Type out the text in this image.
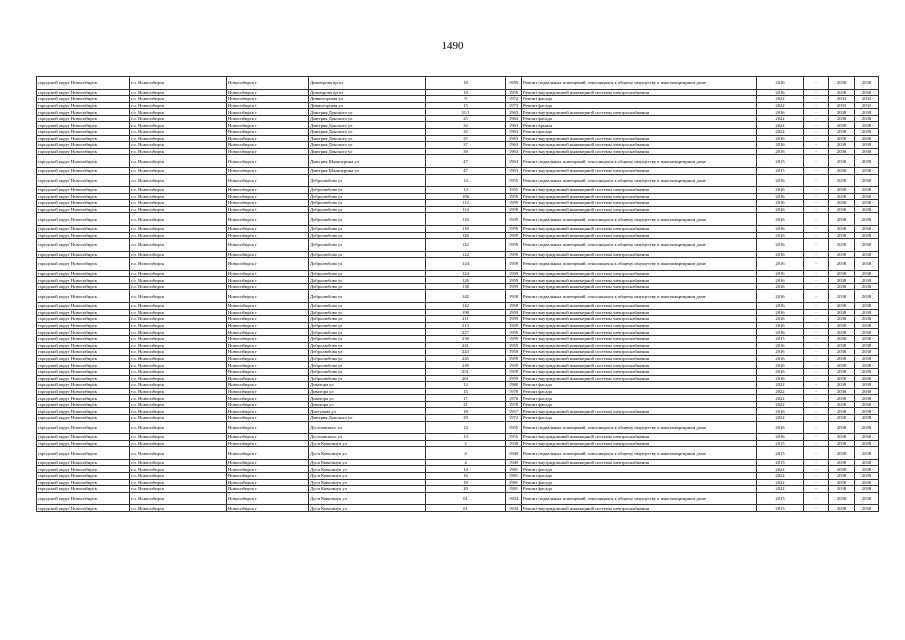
1490
городской округ Новосибирск	г.о. Новосибирск	Новосибирск г	Димитрова пр-кт	18	1959	Ремонт подвальных помещений, относящихся к общему имуществу в многоквартирном доме	2016	-	2038	2038
городской округ Новосибирск	г.о. Новосибирск	Новосибирск г	Димитрова пр-кт	18	1959	Ремонт внутридомовой инженерной системы электроснабжения	2016	-	2038	2038
городской округ Новосибирск	г.о. Новосибирск	Новосибирск г	Дивногорская ул	9	1972	Ремонт фасада	2022	-	2033	2033
городской округ Новосибирск	г.о. Новосибирск	Новосибирск г	Дивногорская ул	15	1973	Ремонт фасада	2022	-	2033	2033
городской округ Новосибирск	г.о. Новосибирск	Новосибирск г	Дмитрия Донского ул	31/1	1963	Ремонт внутридомовой инженерной системы электроснабжения	2016	-	2038	2038
городской округ Новосибирск	г.о. Новосибирск	Новосибирск г	Дмитрия Донского ул	25	1964	Ремонт фасада	2022	-	2038	2038
городской округ Новосибирск	г.о. Новосибирск	Новосибирск г	Дмитрия Донского ул	32	1963	Ремонт крыши	2022	-	2038	2038
городской округ Новосибирск	г.о. Новосибирск	Новосибирск г	Дмитрия Донского ул	35	1963	Ремонт фасада	2022	-	2038	2038
городской округ Новосибирск	г.о. Новосибирск	Новосибирск г	Дмитрия Донского ул	35	1963	Ремонт внутридомовой инженерной системы электроснабжения	2016	-	2038	2038
городской округ Новосибирск	г.о. Новосибирск	Новосибирск г	Дмитрия Донского ул	37	1963	Ремонт внутридомовой инженерной системы электроснабжения	2016	-	2038	2038
городской округ Новосибирск	г.о. Новосибирск	Новосибирск г	Дмитрия Донского ул	39	1963	Ремонт внутридомовой инженерной системы электроснабжения	2016	-	2038	2038
городской округ Новосибирск	г.о. Новосибирск	Новосибирск г	Дмитрия Шамшурина ул	47	1963	Ремонт подвальных помещений, относящихся к общему имуществу в многоквартирном доме	2015	-	2038	2038
городской округ Новосибирск	г.о. Новосибирск	Новосибирск г	Дмитрия Шамшурина ул	47	1963	Ремонт внутридомовой инженерной системы электроснабжения	2015	-	2038	2038
городской округ Новосибирск	г.о. Новосибирск	Новосибирск г	Добролюбова ул	14	1955	Ремонт подвальных помещений, относящихся к общему имуществу в многоквартирном доме	2016	-	2038	2038
городской округ Новосибирск	г.о. Новосибирск	Новосибирск г	Добролюбова ул	14	1955	Ремонт внутридомовой инженерной системы электроснабжения	2016	-	2038	2038
городской округ Новосибирск	г.о. Новосибирск	Новосибирск г	Добролюбова ул	106	1959	Ремонт внутридомовой инженерной системы электроснабжения	2016	-	2038	2038
городской округ Новосибирск	г.о. Новосибирск	Новосибирск г	Добролюбова ул	112	1959	Ремонт внутридомовой инженерной системы электроснабжения	2016	-	2038	2038
городской округ Новосибирск	г.о. Новосибирск	Новосибирск г	Добролюбова ул	114	1958	Ремонт внутридомовой инженерной системы электроснабжения	2016	-	2038	2038
городской округ Новосибирск	г.о. Новосибирск	Новосибирск г	Добролюбова ул	118	1959	Ремонт подвальных помещений, относящихся к общему имуществу в многоквартирном доме	2016	-	2038	2038
городской округ Новосибирск	г.о. Новосибирск	Новосибирск г	Добролюбова ул	118	1959	Ремонт внутридомовой инженерной системы электроснабжения	2016	-	2038	2038
городской округ Новосибирск	г.о. Новосибирск	Новосибирск г	Добролюбова ул	120	1959	Ремонт внутридомовой инженерной системы электроснабжения	2016	-	2038	2038
городской округ Новосибирск	г.о. Новосибирск	Новосибирск г	Добролюбова ул	122	1959	Ремонт подвальных помещений, относящихся к общему имуществу в многоквартирном доме	2016	-	2038	2038
городской округ Новосибирск	г.о. Новосибирск	Новосибирск г	Добролюбова ул	122	1959	Ремонт внутридомовой инженерной системы электроснабжения	2016	-	2038	2038
городской округ Новосибирск	г.о. Новосибирск	Новосибирск г	Добролюбова ул	124	1959	Ремонт подвальных помещений, относящихся к общему имуществу в многоквартирном доме	2016	-	2038	2038
городской округ Новосибирск	г.о. Новосибирск	Новосибирск г	Добролюбова ул	124	1959	Ремонт внутридомовой инженерной системы электроснабжения	2016	-	2038	2038
городской округ Новосибирск	г.о. Новосибирск	Новосибирск г	Добролюбова ул	126	1959	Ремонт внутридомовой инженерной системы электроснабжения	2016	-	2038	2038
городской округ Новосибирск	г.о. Новосибирск	Новосибирск г	Добролюбова ул	138	1959	Ремонт внутридомовой инженерной системы электроснабжения	2016	-	2038	2038
городской округ Новосибирск	г.о. Новосибирск	Новосибирск г	Добролюбова ул	142	1958	Ремонт подвальных помещений, относящихся к общему имуществу в многоквартирном доме	2016	-	2038	2038
городской округ Новосибирск	г.о. Новосибирск	Новосибирск г	Добролюбова ул	142	1958	Ремонт внутридомовой инженерной системы электроснабжения	2016	-	2038	2038
городской округ Новосибирск	г.о. Новосибирск	Новосибирск г	Добролюбова ул	199	1959	Ремонт внутридомовой инженерной системы электроснабжения	2016	-	2038	2038
городской округ Новосибирск	г.о. Новосибирск	Новосибирск г	Добролюбова ул	211	1959	Ремонт внутридомовой инженерной системы электроснабжения	2016	-	2038	2038
городской округ Новосибирск	г.о. Новосибирск	Новосибирск г	Добролюбова ул	213	1959	Ремонт внутридомовой инженерной системы электроснабжения	2016	-	2038	2038
городской округ Новосибирск	г.о. Новосибирск	Новосибирск г	Добролюбова ул	227	1959	Ремонт внутридомовой инженерной системы электроснабжения	2016	-	2038	2038
городской округ Новосибирск	г.о. Новосибирск	Новосибирск г	Добролюбова ул	239	1959	Ремонт внутридомовой инженерной системы электроснабжения	2015	-	2038	2038
городской округ Новосибирск	г.о. Новосибирск	Новосибирск г	Добролюбова ул	241	1959	Ремонт внутридомовой инженерной системы электроснабжения	2016	-	2038	2038
городской округ Новосибирск	г.о. Новосибирск	Новосибирск г	Добролюбова ул	243	1959	Ремонт внутридомовой инженерной системы электроснабжения	2016	-	2038	2038
городской округ Новосибирск	г.о. Новосибирск	Новосибирск г	Добролюбова ул	245	1959	Ремонт внутридомовой инженерной системы электроснабжения	2016	-	2038	2038
городской округ Новосибирск	г.о. Новосибирск	Новосибирск г	Добролюбова ул	249	1959	Ремонт внутридомовой инженерной системы электроснабжения	2016	-	2038	2038
городской округ Новосибирск	г.о. Новосибирск	Новосибирск г	Добролюбова ул	251	1959	Ремонт внутридомовой инженерной системы электроснабжения	2016	-	2038	2038
городской округ Новосибирск	г.о. Новосибирск	Новосибирск г	Добролюбова ул	261	1959	Ремонт внутридомовой инженерной системы электроснабжения	2016	-	2038	2038
городской округ Новосибирск	г.о. Новосибирск	Новосибирск г	Доватора ул	13	1980	Ремонт фасада	2022	-	2038	2038
городской округ Новосибирск	г.о. Новосибирск	Новосибирск г	Доватора ул	15	1978	Ремонт фасада	2022	-	2038	2038
городской округ Новосибирск	г.о. Новосибирск	Новосибирск г	Доватора ул	17	1976	Ремонт фасада	2022	-	2038	2038
городской округ Новосибирск	г.о. Новосибирск	Новосибирск г	Доватора ул	21	1978	Ремонт фасада	2022	-	2038	2038
городской округ Новосибирск	г.о. Новосибирск	Новосибирск г	Доктукова ул	18	1957	Ремонт внутридомовой инженерной системы электроснабжения	2016	-	2038	2038
городской округ Новосибирск	г.о. Новосибирск	Новосибирск г	Дмитрия Донского ул	29	1972	Ремонт фасада	2022	-	2038	2038
городской округ Новосибирск	г.о. Новосибирск	Новосибирск г	Достоевского ул	14	1955	Ремонт подвальных помещений, относящихся к общему имуществу в многоквартирном доме	2016	-	2038	2038
городской округ Новосибирск	г.о. Новосибирск	Новосибирск г	Достоевского ул	14	1955	Ремонт внутридомовой инженерной системы электроснабжения	2016	-	2038	2038
городской округ Новосибирск	г.о. Новосибирск	Новосибирск г	Дуси Ковальчук ул	2	1930	Ремонт внутридомовой инженерной системы электроснабжения	2015	-	2038	2038
городской округ Новосибирск	г.о. Новосибирск	Новосибирск г	Дуси Ковальчук ул	4	1949	Ремонт подвальных помещений, относящихся к общему имуществу в многоквартирном доме	2015	-	2038	2038
городской округ Новосибирск	г.о. Новосибирск	Новосибирск г	Дуси Ковальчук ул	4	1949	Ремонт внутридомовой инженерной системы электроснабжения	2015	-	2038	2038
городской округ Новосибирск	г.о. Новосибирск	Новосибирск г	Дуси Ковальчук ул	14	1981	Ремонт фасада	2022	-	2038	2038
городской округ Новосибирск	г.о. Новосибирск	Новосибирск г	Дуси Ковальчук ул	16	1981	Ремонт фасада	2022	-	2038	2038
городской округ Новосибирск	г.о. Новосибирск	Новосибирск г	Дуси Ковальчук ул	18	1981	Ремонт фасада	2022	-	2038	2038
городской округ Новосибирск	г.о. Новосибирск	Новосибирск г	Дуси Ковальчук ул	20	1981	Ремонт фасада	2022	-	2038	2038
городской округ Новосибирск	г.о. Новосибирск	Новосибирск г	Дуси Ковальчук ул	61	1934	Ремонт подвальных помещений, относящихся к общему имуществу в многоквартирном доме	2015	-	2038	2038
городской округ Новосибирск	г.о. Новосибирск	Новосибирск г	Дуси Ковальчук ул	61	1934	Ремонт внутридомовой инженерной системы электроснабжения	2015	-	2038	2038
